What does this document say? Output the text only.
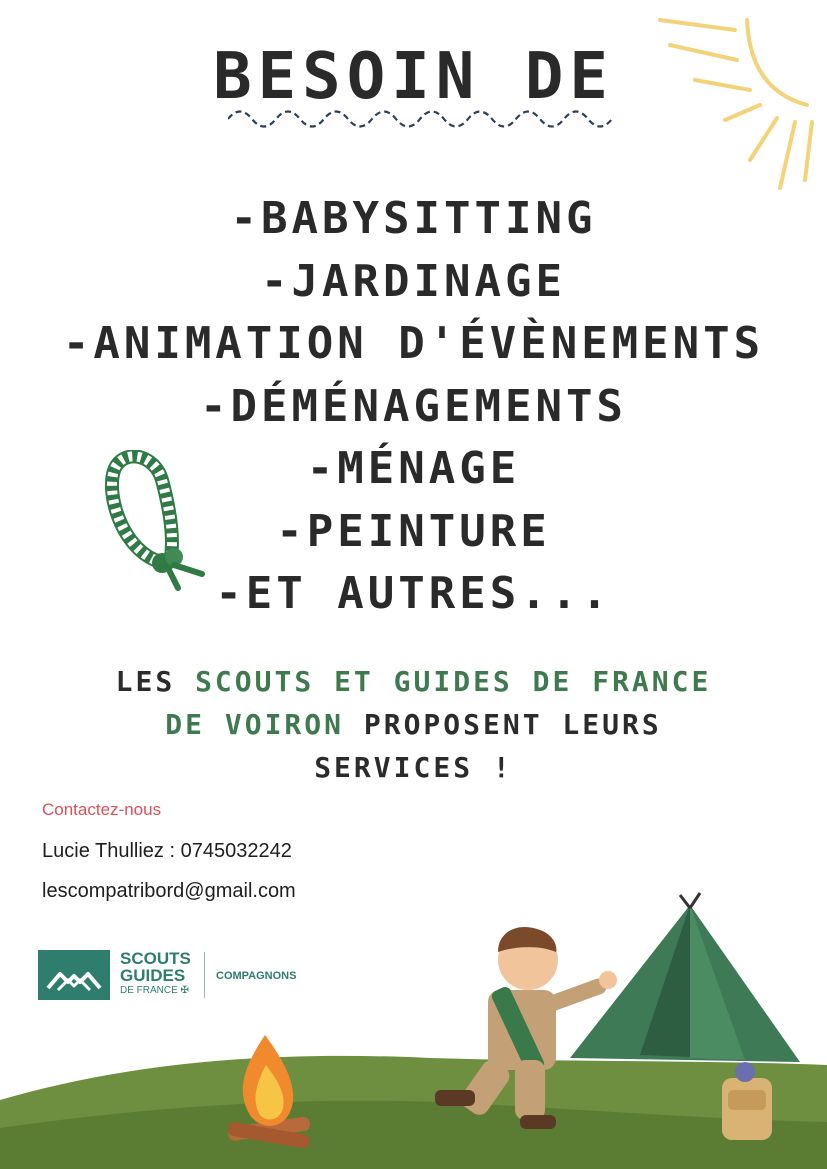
BESOIN DE
-BABYSITTING
-JARDINAGE
-ANIMATION D'ÉVÈNEMENTS
-DÉMÉNAGEMENTS
-MÉNAGE
-PEINTURE
-ET AUTRES...
LES SCOUTS ET GUIDES DE FRANCE
DE VOIRON PROPOSENT LEURS
SERVICES !
Contactez-nous
Lucie Thulliez : 0745032242
lescompatribord@gmail.com
SCOUTS
GUIDES
DE FRANCE ✠
COMPAGNONS
